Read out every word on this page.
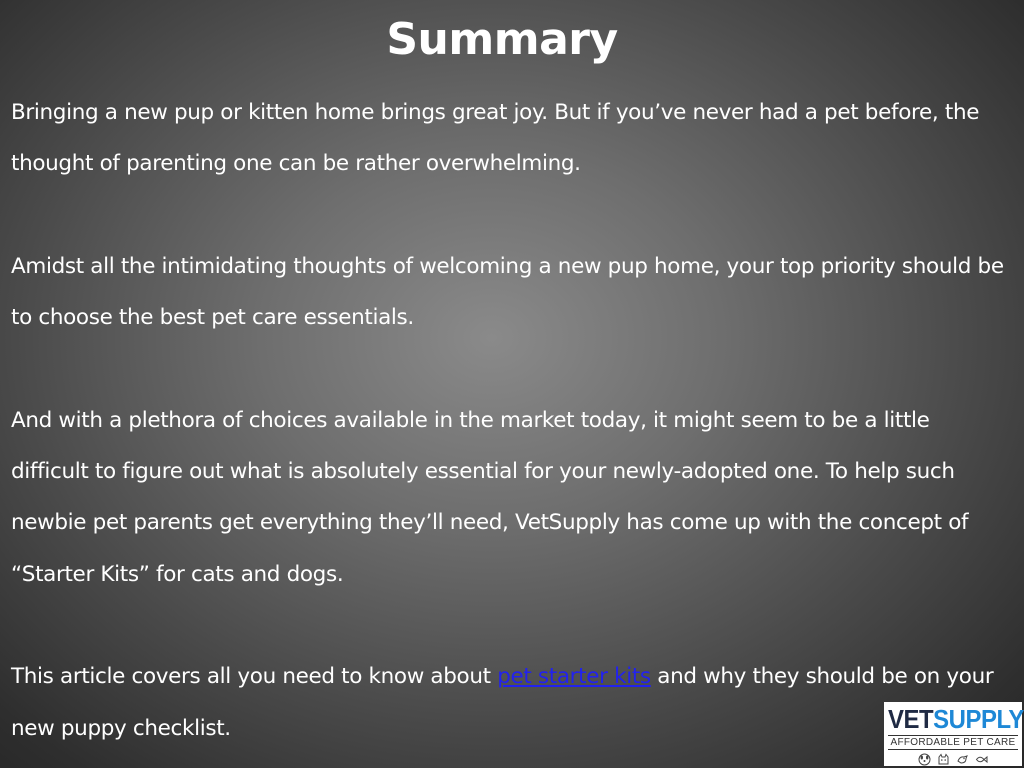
Summary

Bringing a new pup or kitten home brings great joy. But if you’ve never had a pet before, the thought of parenting one can be rather overwhelming.

Amidst all the intimidating thoughts of welcoming a new pup home, your top priority should be to choose the best pet care essentials.

And with a plethora of choices available in the market today, it might seem to be a little difficult to figure out what is absolutely essential for your newly-adopted one. To help such newbie pet parents get everything they’ll need, VetSupply has come up with the concept of “Starter Kits” for cats and dogs.

This article covers all you need to know about pet starter kits and why they should be on your new puppy checklist.	VETSUPPLY
AFFORDABLE PET CARE
